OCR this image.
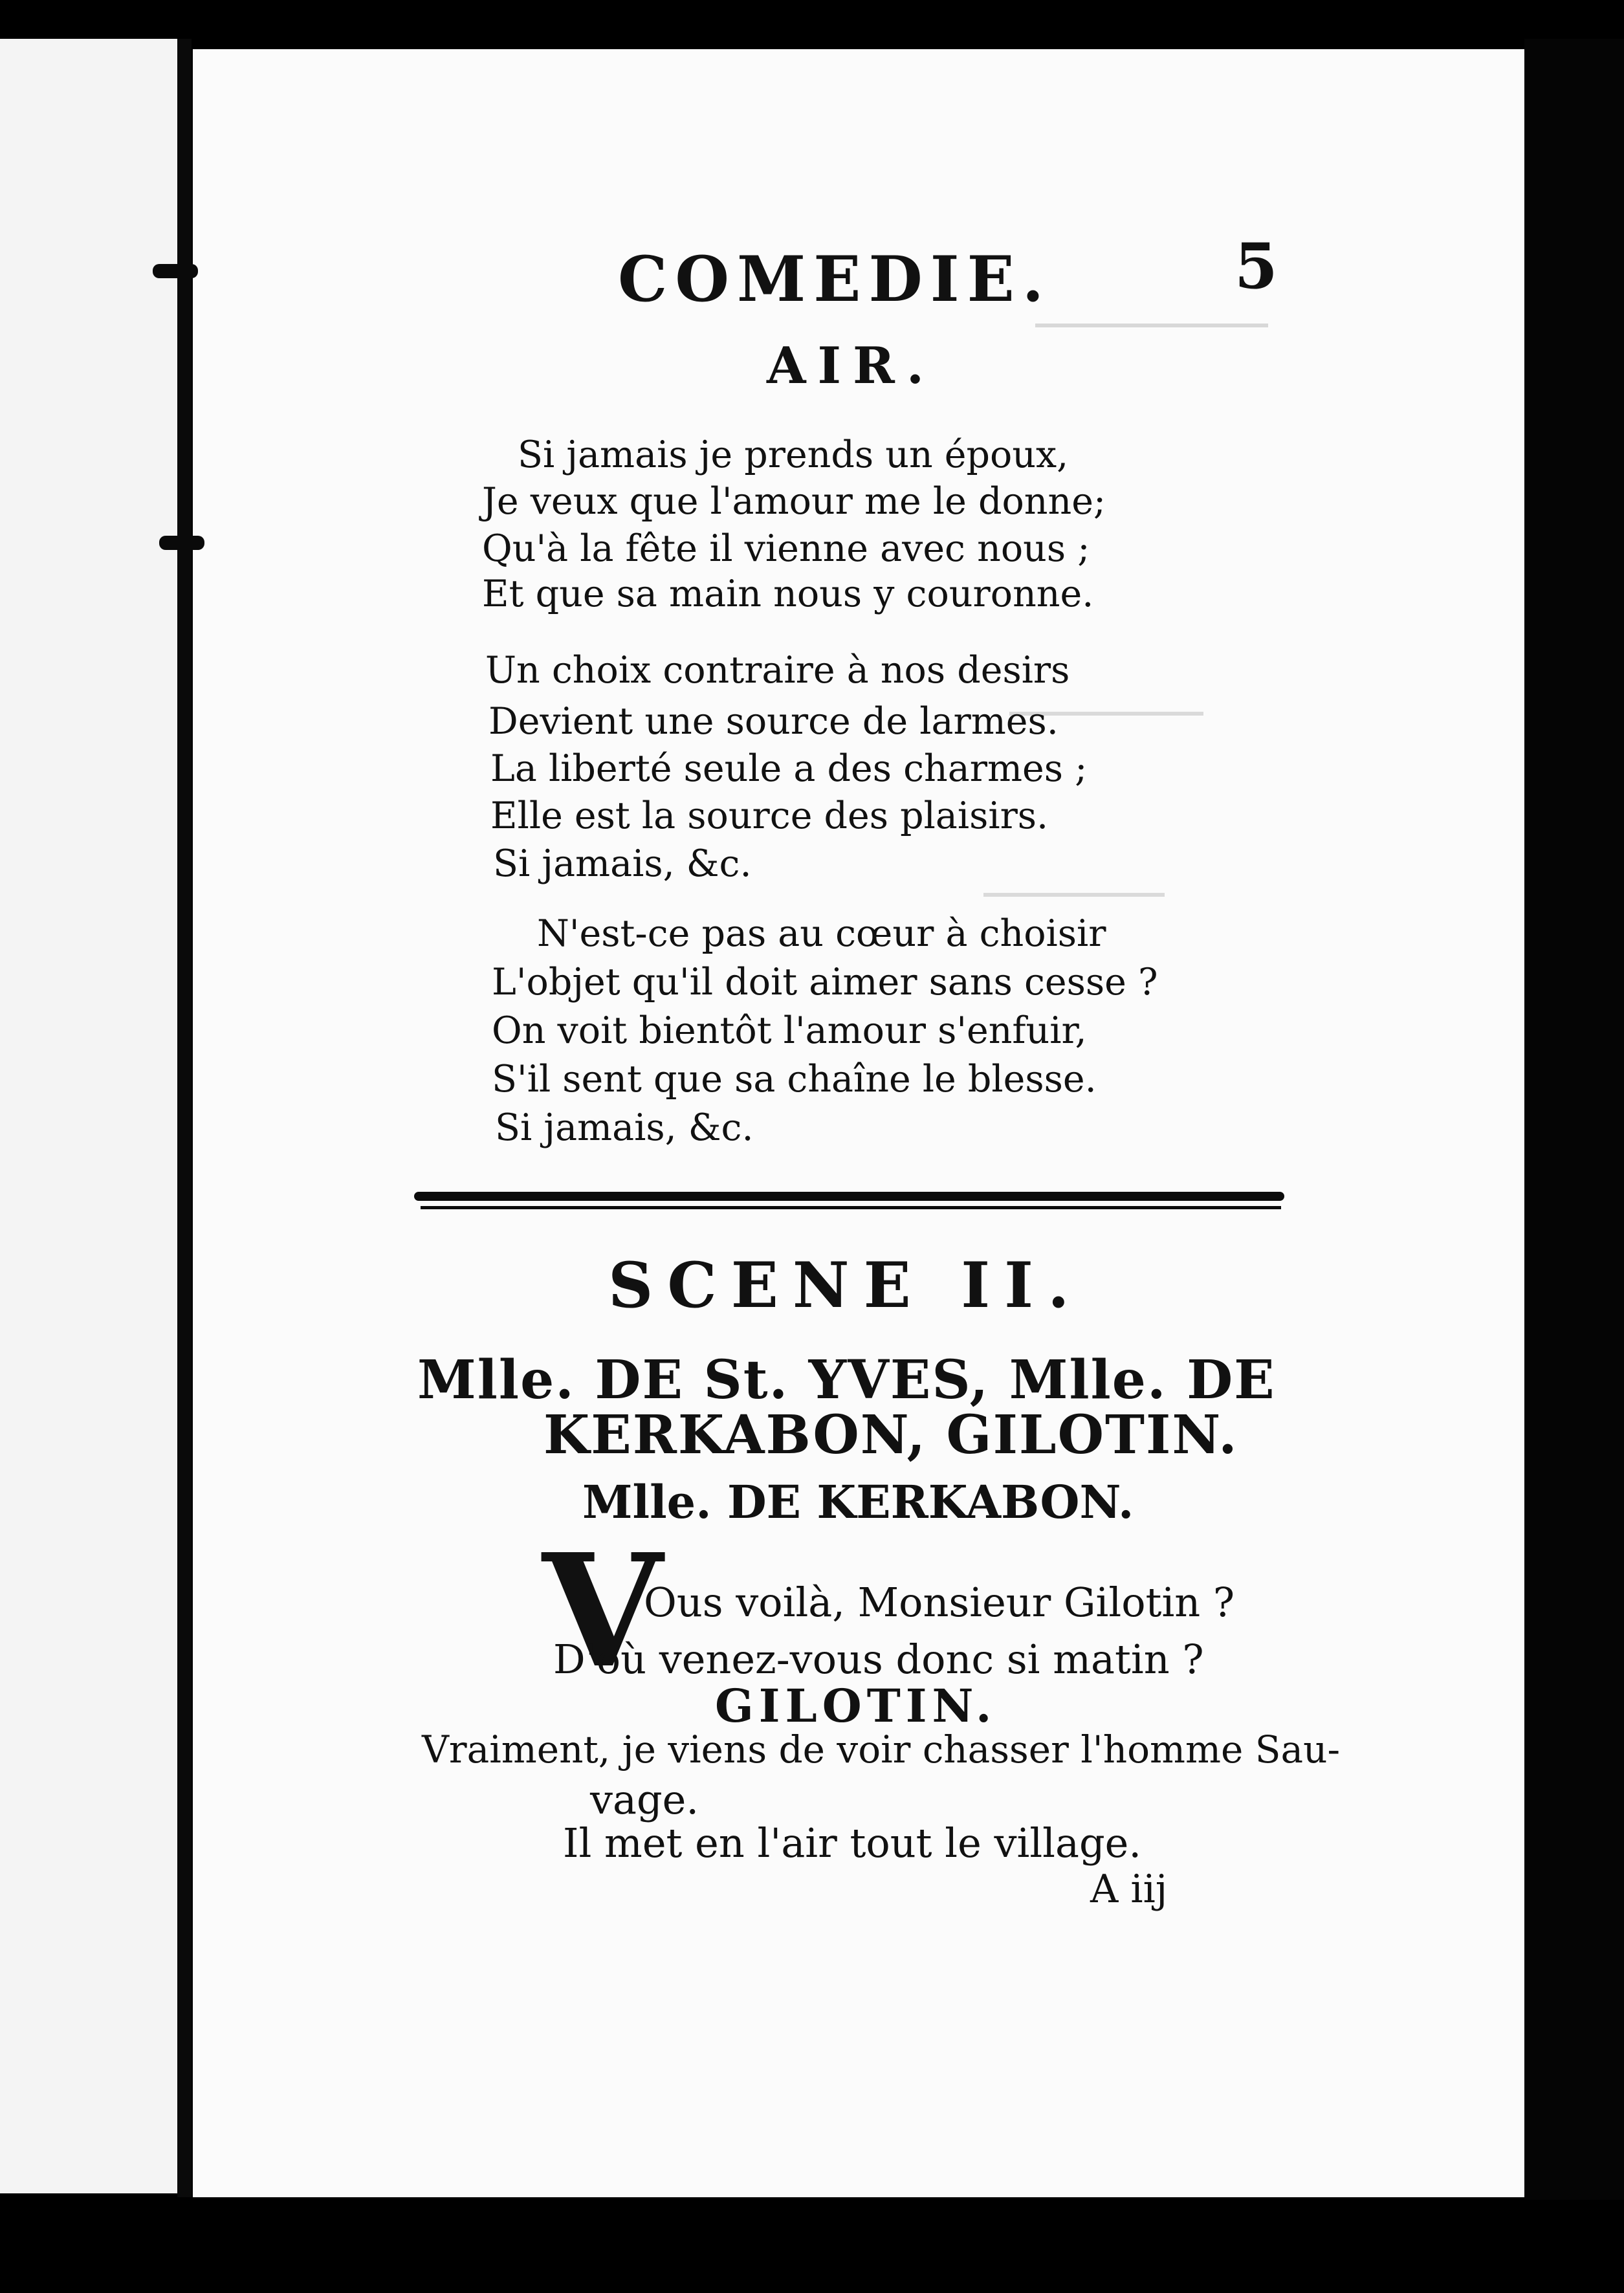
COMEDIE.	5
AIR.
Si jamais je prends un époux,
Je veux que l'amour me le donne;
Qu'à la fête il vienne avec nous ;
Et que sa main nous y couronne.
Un choix contraire à nos desirs
Devient une source de larmes.
La liberté seule a des charmes ;
Elle est la source des plaisirs.
Si jamais, &c.
N'est-ce pas au cœur à choisir
L'objet qu'il doit aimer sans cesse ?
On voit bientôt l'amour s'enfuir,
S'il sent que sa chaîne le blesse.
Si jamais, &c.
SCENE II.
Mlle. DE St. YVES, Mlle. DE
KERKABON, GILOTIN.
Mlle. DE KERKABON.
V
Ous voilà, Monsieur Gilotin ?
D'où venez-vous donc si matin ?
GILOTIN.
Vraiment, je viens de voir chasser l'homme Sau-
vage.
Il met en l'air tout le village.
A iij
